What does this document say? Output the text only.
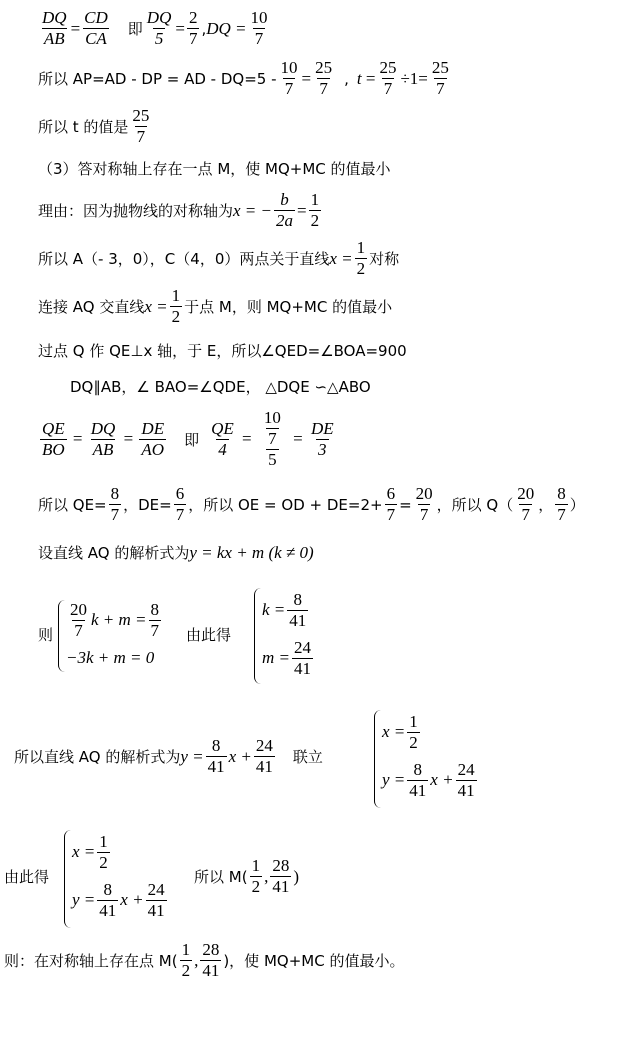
$\frac{DQ}{AB} = \frac{CD}{CA}$ 即 $\frac{DQ}{5} = \frac{2}{7}$ , DQ = $\frac{10}{7}$
所以 AP=AD - DP = AD - $DQ=5 - \frac{10}{7} = \frac{25}{7}$ , $t = \frac{25}{7} \div 1= \frac{25}{7}$
所以 t 的值是 $\frac{25}{7}$
（3）答对称轴上存在一点 M，使 MQ+MC 的值最小
理由：因为抛物线的对称轴为 x = − $\frac{b}{2a} = \frac{1}{2}$
所以 A（- 3，0），C（4，0）两点关于直线 $x = \frac{1}{2}$ 对称
连接 AQ 交直线 $x = \frac{1}{2}$ 于点 M，则 MQ+MC 的值最小
过点 Q 作 QE⊥x 轴，于 E，所以∠QED=∠BOA=900
DQ∥AB，∠ BAO=∠QDE， △DQE ∽△ABO
$\frac{QE}{BO} = \frac{DQ}{AB} = \frac{DE}{AO}$ 即 $\frac{QE}{4} = \frac{\frac{10}{7}}{5} = \frac{DE}{3}$
所以 $QE= \frac{8}{7}$ ，$DE= \frac{6}{7}$ ，所以 OE = OD + $DE=2+ \frac{6}{7} = \frac{20}{7}$ ，所以 $Q( \frac{20}{7}$ ， $\frac{8}{7}$ ）
设直线 AQ 的解析式为 y = kx + m (k ≠ 0)
则 $\frac{20}{7}$ $k + m = \frac{8}{7}$
−3k + m = 0
由此得
$k = \frac{8}{41}$
$m = \frac{24}{41}$
所以直线 AQ 的解析式为 $y = \frac{8}{41}$ $x + \frac{24}{41}$ 联立
$x = \frac{1}{2}$
$y = \frac{8}{41}$ $x + \frac{24}{41}$
由此得
$x = \frac{1}{2}$
$y = \frac{8}{41}$ $x + \frac{24}{41}$
所以 $M( \frac{1}{2}$ , $\frac{28}{41}$ )
则：在对称轴上存在点 $M( \frac{1}{2}$ , $\frac{28}{41}$ )，使 MQ+MC 的值最小。
